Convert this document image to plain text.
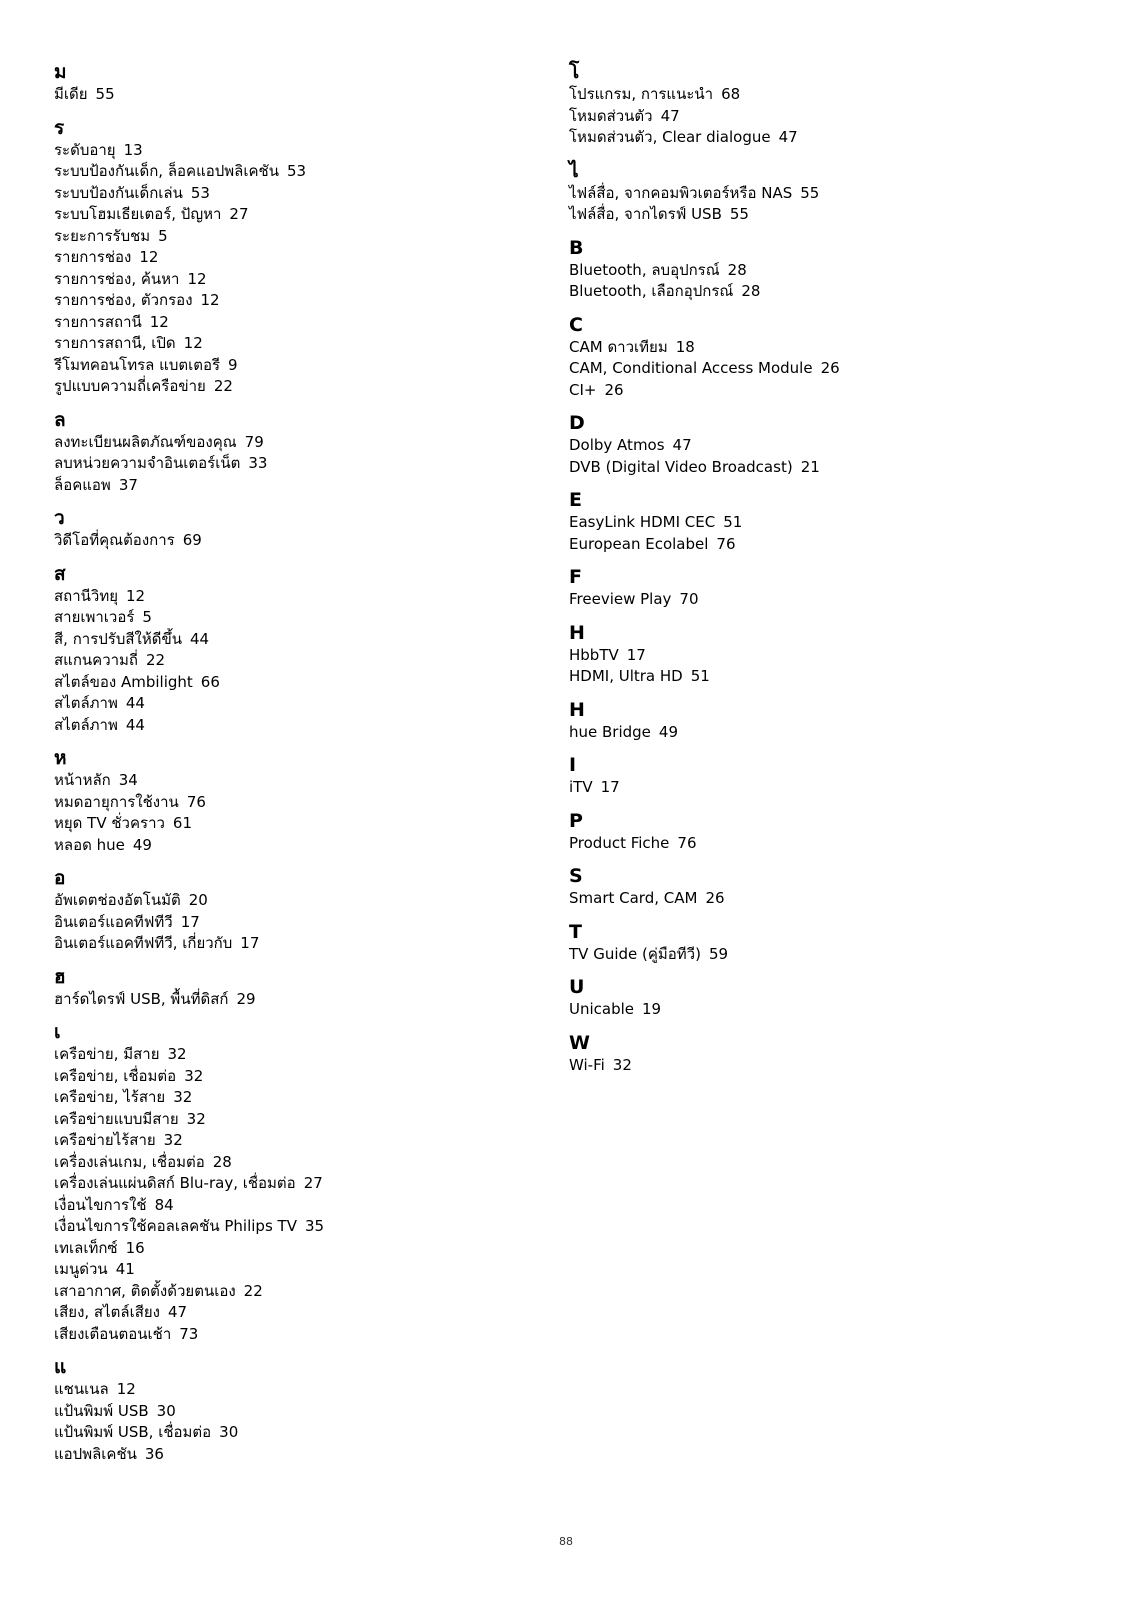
ม
มีเดีย 55
ร
ระดับอายุ 13
ระบบป้องกันเด็ก, ล็อคแอปพลิเคชัน 53
ระบบป้องกันเด็กเล่น 53
ระบบโฮมเธียเตอร์, ปัญหา 27
ระยะการรับชม 5
รายการช่อง 12
รายการช่อง, ค้นหา 12
รายการช่อง, ตัวกรอง 12
รายการสถานี 12
รายการสถานี, เปิด 12
รีโมทคอนโทรล แบตเตอรี 9
รูปแบบความถี่เครือข่าย 22
ล
ลงทะเบียนผลิตภัณฑ์ของคุณ 79
ลบหน่วยความจำอินเตอร์เน็ต 33
ล็อคแอพ 37
ว
วิดีโอที่คุณต้องการ 69
ส
สถานีวิทยุ 12
สายเพาเวอร์ 5
สี, การปรับสีให้ดีขึ้น 44
สแกนความถี่ 22
สไตล์ของ Ambilight 66
สไตล์ภาพ 44
สไตล์ภาพ 44
ห
หน้าหลัก 34
หมดอายุการใช้งาน 76
หยุด TV ชั่วคราว 61
หลอด hue 49
อ
อัพเดตช่องอัตโนมัติ 20
อินเตอร์แอคทีฟทีวี 17
อินเตอร์แอคทีฟทีวี, เกี่ยวกับ 17
ฮ
ฮาร์ดไดรฟ์ USB, พื้นที่ดิสก์ 29
เ
เครือข่าย, มีสาย 32
เครือข่าย, เชื่อมต่อ 32
เครือข่าย, ไร้สาย 32
เครือข่ายแบบมีสาย 32
เครือข่ายไร้สาย 32
เครื่องเล่นเกม, เชื่อมต่อ 28
เครื่องเล่นแผ่นดิสก์ Blu-ray, เชื่อมต่อ 27
เงื่อนไขการใช้ 84
เงื่อนไขการใช้คอลเลคชัน Philips TV 35
เทเลเท็กซ์ 16
เมนูด่วน 41
เสาอากาศ, ติดตั้งด้วยตนเอง 22
เสียง, สไตล์เสียง 47
เสียงเตือนตอนเช้า 73
แ
แชนเนล 12
แป้นพิมพ์ USB 30
แป้นพิมพ์ USB, เชื่อมต่อ 30
แอปพลิเคชัน 36
โ
โปรแกรม, การแนะนำ 68
โหมดส่วนตัว 47
โหมดส่วนตัว, Clear dialogue 47
ไ
ไฟล์สื่อ, จากคอมพิวเตอร์หรือ NAS 55
ไฟล์สื่อ, จากไดรฟ์ USB 55
B
Bluetooth, ลบอุปกรณ์ 28
Bluetooth, เลือกอุปกรณ์ 28
C
CAM ดาวเทียม 18
CAM, Conditional Access Module 26
CI+ 26
D
Dolby Atmos 47
DVB (Digital Video Broadcast) 21
E
EasyLink HDMI CEC 51
European Ecolabel 76
F
Freeview Play 70
H
HbbTV 17
HDMI, Ultra HD 51
H
hue Bridge 49
I
iTV 17
P
Product Fiche 76
S
Smart Card, CAM 26
T
TV Guide (คู่มือทีวี) 59
U
Unicable 19
W
Wi-Fi 32
88
